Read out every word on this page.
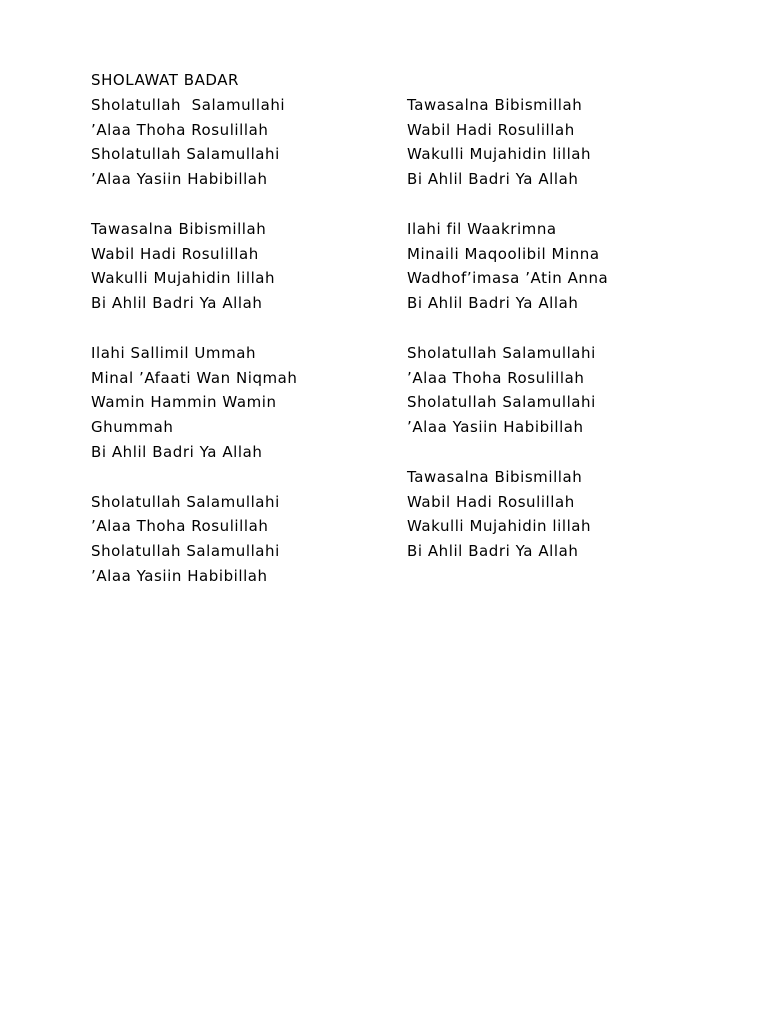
SHOLAWAT BADAR
Sholatullah  Salamullahi
’Alaa Thoha Rosulillah
Sholatullah Salamullahi
’Alaa Yasiin Habibillah
Tawasalna Bibismillah
Wabil Hadi Rosulillah
Wakulli Mujahidin lillah
Bi Ahlil Badri Ya Allah
Ilahi Sallimil Ummah
Minal ’Afaati Wan Niqmah
Wamin Hammin Wamin
Ghummah
Bi Ahlil Badri Ya Allah
Sholatullah Salamullahi
’Alaa Thoha Rosulillah
Sholatullah Salamullahi
’Alaa Yasiin Habibillah
Tawasalna Bibismillah
Wabil Hadi Rosulillah
Wakulli Mujahidin lillah
Bi Ahlil Badri Ya Allah
Ilahi fil Waakrimna
Minaili Maqoolibil Minna
Wadhof’imasa ’Atin Anna
Bi Ahlil Badri Ya Allah
Sholatullah Salamullahi
’Alaa Thoha Rosulillah
Sholatullah Salamullahi
’Alaa Yasiin Habibillah
Tawasalna Bibismillah
Wabil Hadi Rosulillah
Wakulli Mujahidin lillah
Bi Ahlil Badri Ya Allah
